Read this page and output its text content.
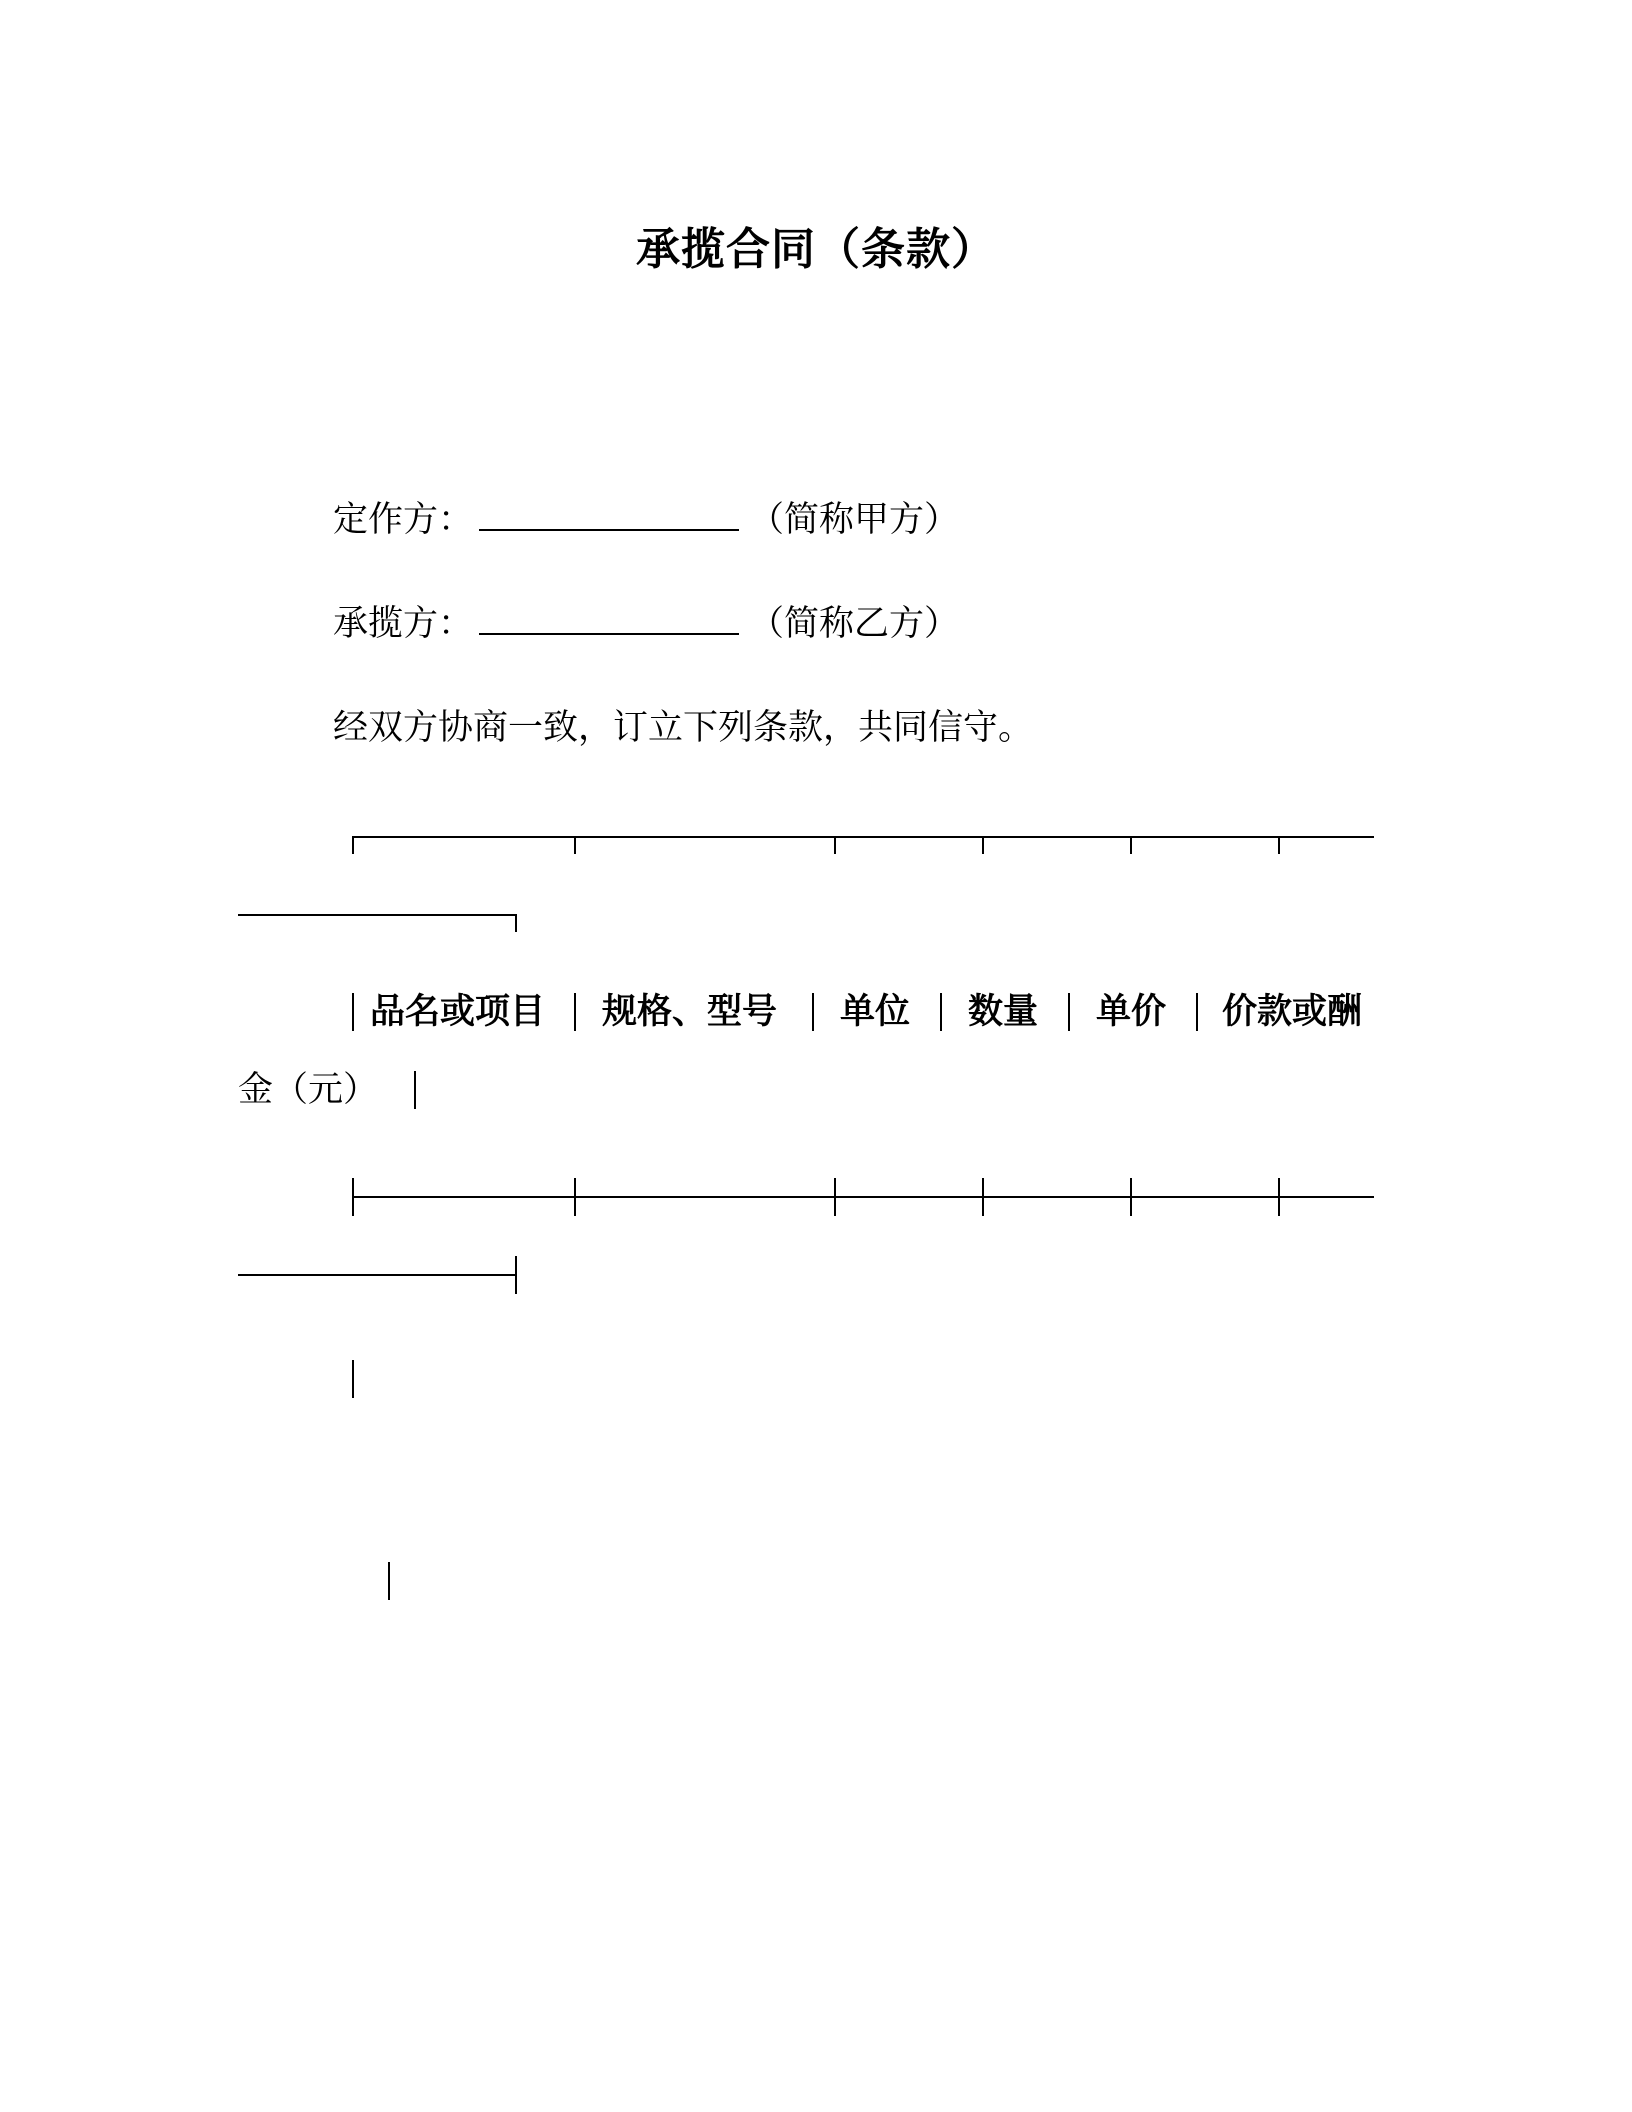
承揽合同（条款）
定作方：	（简称甲方）
承揽方：	（简称乙方）
经双方协商一致，订立下列条款，共同信守。
品名或项目 规格、型号 单位 数量 单价 价款或酬
金（元）
